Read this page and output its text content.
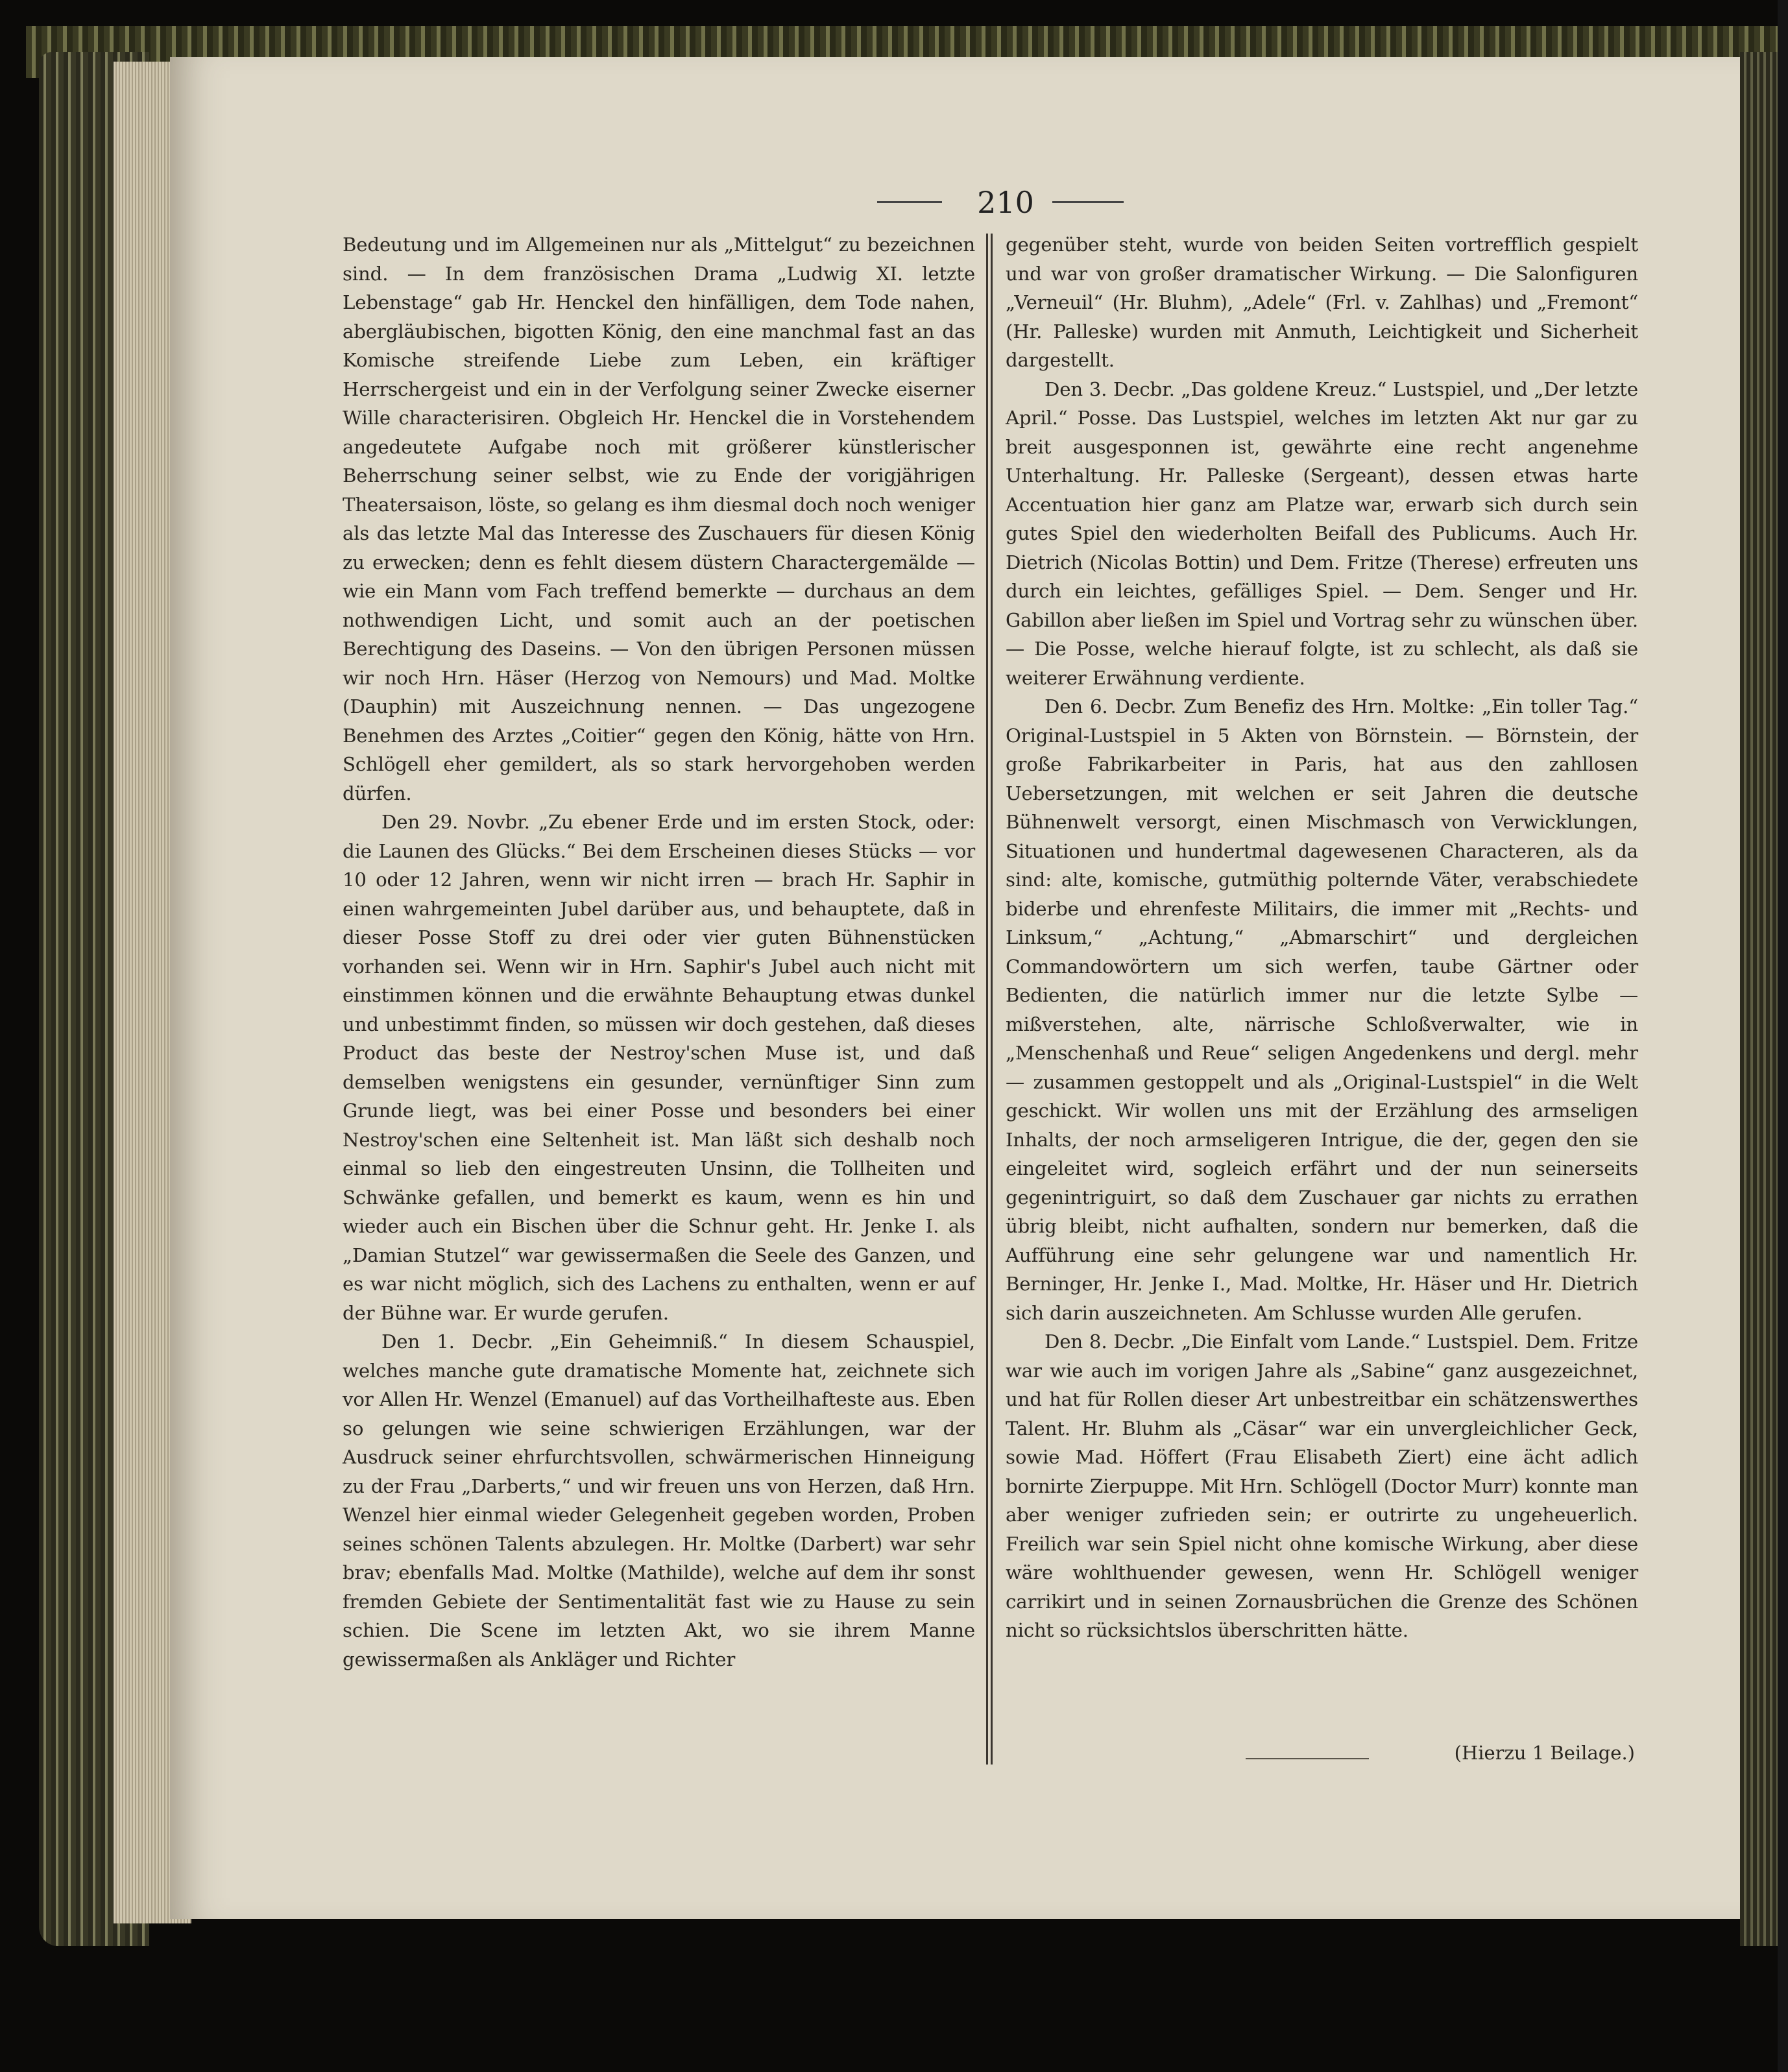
210

Bedeutung und im Allgemeinen nur als „Mittelgut“ zu bezeichnen sind. — In dem französischen Drama „Ludwig XI. letzte Lebenstage“ gab Hr. Henckel den hinfälligen, dem Tode nahen, abergläubischen, bigotten König, den eine manchmal fast an das Komische streifende Liebe zum Leben, ein kräftiger Herrschergeist und ein in der Verfolgung seiner Zwecke eiserner Wille characterisiren. Obgleich Hr. Henckel die in Vorstehendem angedeutete Aufgabe noch mit größerer künstlerischer Beherrschung seiner selbst, wie zu Ende der vorigjährigen Theatersaison, löste, so gelang es ihm diesmal doch noch weniger als das letzte Mal das Interesse des Zuschauers für diesen König zu erwecken; denn es fehlt diesem düstern Charactergemälde — wie ein Mann vom Fach treffend bemerkte — durchaus an dem nothwendigen Licht, und somit auch an der poetischen Berechtigung des Daseins. — Von den übrigen Personen müssen wir noch Hrn. Häser (Herzog von Nemours) und Mad. Moltke (Dauphin) mit Auszeichnung nennen. — Das ungezogene Benehmen des Arztes „Coitier“ gegen den König, hätte von Hrn. Schlögell eher gemildert, als so stark hervorgehoben werden dürfen.

Den 29. Novbr. „Zu ebener Erde und im ersten Stock, oder: die Launen des Glücks.“ Bei dem Erscheinen dieses Stücks — vor 10 oder 12 Jahren, wenn wir nicht irren — brach Hr. Saphir in einen wahrgemeinten Jubel darüber aus, und behauptete, daß in dieser Posse Stoff zu drei oder vier guten Bühnenstücken vorhanden sei. Wenn wir in Hrn. Saphir's Jubel auch nicht mit einstimmen können und die erwähnte Behauptung etwas dunkel und unbestimmt finden, so müssen wir doch gestehen, daß dieses Product das beste der Nestroy'schen Muse ist, und daß demselben wenigstens ein gesunder, vernünftiger Sinn zum Grunde liegt, was bei einer Posse und besonders bei einer Nestroy'schen eine Seltenheit ist. Man läßt sich deshalb noch einmal so lieb den eingestreuten Unsinn, die Tollheiten und Schwänke gefallen, und bemerkt es kaum, wenn es hin und wieder auch ein Bischen über die Schnur geht. Hr. Jenke I. als „Damian Stutzel“ war gewissermaßen die Seele des Ganzen, und es war nicht möglich, sich des Lachens zu enthalten, wenn er auf der Bühne war. Er wurde gerufen.

Den 1. Decbr. „Ein Geheimniß.“ In diesem Schauspiel, welches manche gute dramatische Momente hat, zeichnete sich vor Allen Hr. Wenzel (Emanuel) auf das Vortheilhafteste aus. Eben so gelungen wie seine schwierigen Erzählungen, war der Ausdruck seiner ehrfurchtsvollen, schwärmerischen Hinneigung zu der Frau „Darberts,“ und wir freuen uns von Herzen, daß Hrn. Wenzel hier einmal wieder Gelegenheit gegeben worden, Proben seines schönen Talents abzulegen. Hr. Moltke (Darbert) war sehr brav; ebenfalls Mad. Moltke (Mathilde), welche auf dem ihr sonst fremden Gebiete der Sentimentalität fast wie zu Hause zu sein schien. Die Scene im letzten Akt, wo sie ihrem Manne gewissermaßen als Ankläger und Richter

gegenüber steht, wurde von beiden Seiten vortrefflich gespielt und war von großer dramatischer Wirkung. — Die Salonfiguren „Verneuil“ (Hr. Bluhm), „Adele“ (Frl. v. Zahlhas) und „Fremont“ (Hr. Palleske) wurden mit Anmuth, Leichtigkeit und Sicherheit dargestellt.

Den 3. Decbr. „Das goldene Kreuz.“ Lustspiel, und „Der letzte April.“ Posse. Das Lustspiel, welches im letzten Akt nur gar zu breit ausgesponnen ist, gewährte eine recht angenehme Unterhaltung. Hr. Palleske (Sergeant), dessen etwas harte Accentuation hier ganz am Platze war, erwarb sich durch sein gutes Spiel den wiederholten Beifall des Publicums. Auch Hr. Dietrich (Nicolas Bottin) und Dem. Fritze (Therese) erfreuten uns durch ein leichtes, gefälliges Spiel. — Dem. Senger und Hr. Gabillon aber ließen im Spiel und Vortrag sehr zu wünschen über. — Die Posse, welche hierauf folgte, ist zu schlecht, als daß sie weiterer Erwähnung verdiente.

Den 6. Decbr. Zum Benefiz des Hrn. Moltke: „Ein toller Tag.“ Original-Lustspiel in 5 Akten von Börnstein. — Börnstein, der große Fabrikarbeiter in Paris, hat aus den zahllosen Uebersetzungen, mit welchen er seit Jahren die deutsche Bühnenwelt versorgt, einen Mischmasch von Verwicklungen, Situationen und hundertmal dagewesenen Characteren, als da sind: alte, komische, gutmüthig polternde Väter, verabschiedete biderbe und ehrenfeste Militairs, die immer mit „Rechts- und Linksum,“ „Achtung,“ „Abmarschirt“ und dergleichen Commandowörtern um sich werfen, taube Gärtner oder Bedienten, die natürlich immer nur die letzte Sylbe — mißverstehen, alte, närrische Schloßverwalter, wie in „Menschenhaß und Reue“ seligen Angedenkens und dergl. mehr — zusammen gestoppelt und als „Original-Lustspiel“ in die Welt geschickt. Wir wollen uns mit der Erzählung des armseligen Inhalts, der noch armseligeren Intrigue, die der, gegen den sie eingeleitet wird, sogleich erfährt und der nun seinerseits gegenintriguirt, so daß dem Zuschauer gar nichts zu errathen übrig bleibt, nicht aufhalten, sondern nur bemerken, daß die Aufführung eine sehr gelungene war und namentlich Hr. Berninger, Hr. Jenke I., Mad. Moltke, Hr. Häser und Hr. Dietrich sich darin auszeichneten. Am Schlusse wurden Alle gerufen.

Den 8. Decbr. „Die Einfalt vom Lande.“ Lustspiel. Dem. Fritze war wie auch im vorigen Jahre als „Sabine“ ganz ausgezeichnet, und hat für Rollen dieser Art unbestreitbar ein schätzenswerthes Talent. Hr. Bluhm als „Cäsar“ war ein unvergleichlicher Geck, sowie Mad. Höffert (Frau Elisabeth Ziert) eine ächt adlich bornirte Zierpuppe. Mit Hrn. Schlögell (Doctor Murr) konnte man aber weniger zufrieden sein; er outrirte zu ungeheuerlich. Freilich war sein Spiel nicht ohne komische Wirkung, aber diese wäre wohlthuender gewesen, wenn Hr. Schlögell weniger carrikirt und in seinen Zornausbrüchen die Grenze des Schönen nicht so rücksichtslos überschritten hätte.

(Hierzu 1 Beilage.)
